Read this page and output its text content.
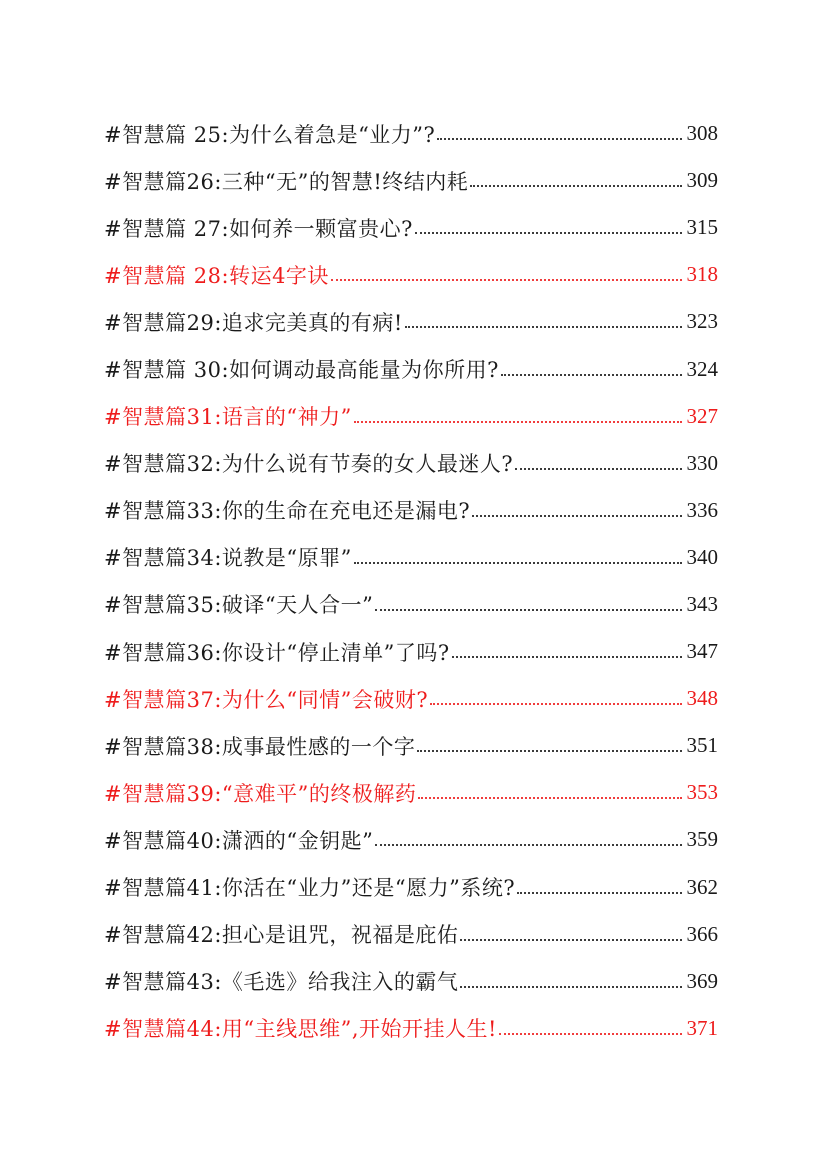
#智慧篇 25:为什么着急是“业力”?	308
#智慧篇26:三种“无”的智慧!终结内耗	309
#智慧篇 27:如何养一颗富贵心?	315
#智慧篇 28:转运4字诀	318
#智慧篇29:追求完美真的有病!	323
#智慧篇 30:如何调动最高能量为你所用?	324
#智慧篇31:语言的“神力”	327
#智慧篇32:为什么说有节奏的女人最迷人?	330
#智慧篇33:你的生命在充电还是漏电?	336
#智慧篇34:说教是“原罪”	340
#智慧篇35:破译“天人合一”	343
#智慧篇36:你设计“停止清单”了吗?	347
#智慧篇37:为什么“同情”会破财?	348
#智慧篇38:成事最性感的一个字	351
#智慧篇39:“意难平”的终极解药	353
#智慧篇40:潇洒的“金钥匙”	359
#智慧篇41:你活在“业力”还是“愿力”系统?	362
#智慧篇42:担心是诅咒，祝福是庇佑	366
#智慧篇43:《毛选》给我注入的霸气	369
#智慧篇44:用“主线思维”,开始开挂人生!	371
